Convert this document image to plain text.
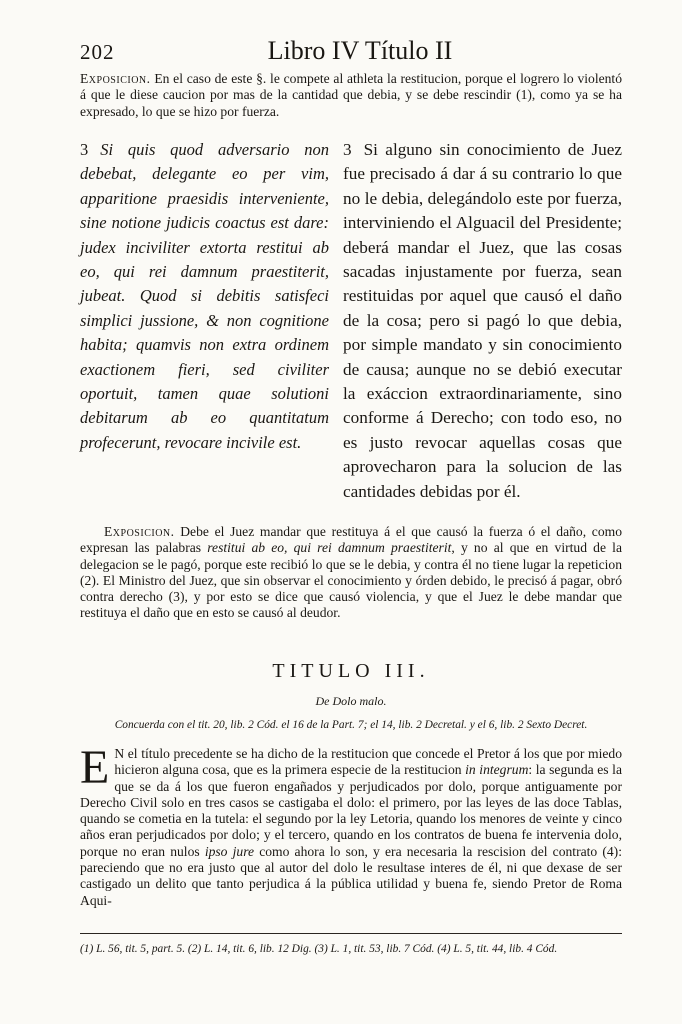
202	Libro IV Título II
Exposicion. En el caso de este §. le compete al athleta la restitucion, porque el logrero lo violentó á que le diese caucion por mas de la cantidad que debia, y se debe rescindir (1), como ya se ha expresado, lo que se hizo por fuerza.
3 Si quis quod adversario non debebat, delegante eo per vim, apparitione praesidis interveniente, sine notione judicis coactus est dare: judex inciviliter extorta restitui ab eo, qui rei damnum praestiterit, jubeat. Quod si debitis satisfeci simplici jussione, & non cognitione habita; quamvis non extra ordinem exactionem fieri, sed civiliter oportuit, tamen quae solutioni debitarum ab eo quantitatum profecerunt, revocare incivile est.
3 Si alguno sin conocimiento de Juez fue precisado á dar á su contrario lo que no le debia, delegándolo este por fuerza, interviniendo el Alguacil del Presidente; deberá mandar el Juez, que las cosas sacadas injustamente por fuerza, sean restituidas por aquel que causó el daño de la cosa; pero si pagó lo que debia, por simple mandato y sin conocimiento de causa; aunque no se debió executar la exáccion extraordinariamente, sino conforme á Derecho; con todo eso, no es justo revocar aquellas cosas que aprovecharon para la solucion de las cantidades debidas por él.
Exposicion. Debe el Juez mandar que restituya á el que causó la fuerza ó el daño, como expresan las palabras restitui ab eo, qui rei damnum praestiterit, y no al que en virtud de la delegacion se le pagó, porque este recibió lo que se le debia, y contra él no tiene lugar la repeticion (2). El Ministro del Juez, que sin observar el conocimiento y órden debido, le precisó á pagar, obró contra derecho (3), y por esto se dice que causó violencia, y que el Juez le debe mandar que restituya el daño que en esto se causó al deudor.
TITULO III.
De Dolo malo.
Concuerda con el tit. 20, lib. 2 Cód. el 16 de la Part. 7; el 14, lib. 2 Decretal. y el 6, lib. 2 Sexto Decret.
E N el título precedente se ha dicho de la restitucion que concede el Pretor á los que por miedo hicieron alguna cosa, que es la primera especie de la restitucion in integrum: la segunda es la que se da á los que fueron engañados y perjudicados por dolo, porque antiguamente por Derecho Civil solo en tres casos se castigaba el dolo: el primero, por las leyes de las doce Tablas, quando se cometia en la tutela: el segundo por la ley Letoria, quando los menores de veinte y cinco años eran perjudicados por dolo; y el tercero, quando en los contratos de buena fe intervenia dolo, porque no eran nulos ipso jure como ahora lo son, y era necesaria la rescision del contrato (4): pareciendo que no era justo que al autor del dolo le resultase interes de él, ni que dexase de ser castigado un delito que tanto perjudica á la pública utilidad y buena fe, siendo Pretor de Roma Aqui-
(1) L. 56, tit. 5, part. 5. (2) L. 14, tit. 6, lib. 12 Dig. (3) L. 1, tit. 53, lib. 7 Cód. (4) L. 5, tit. 44, lib. 4 Cód.
